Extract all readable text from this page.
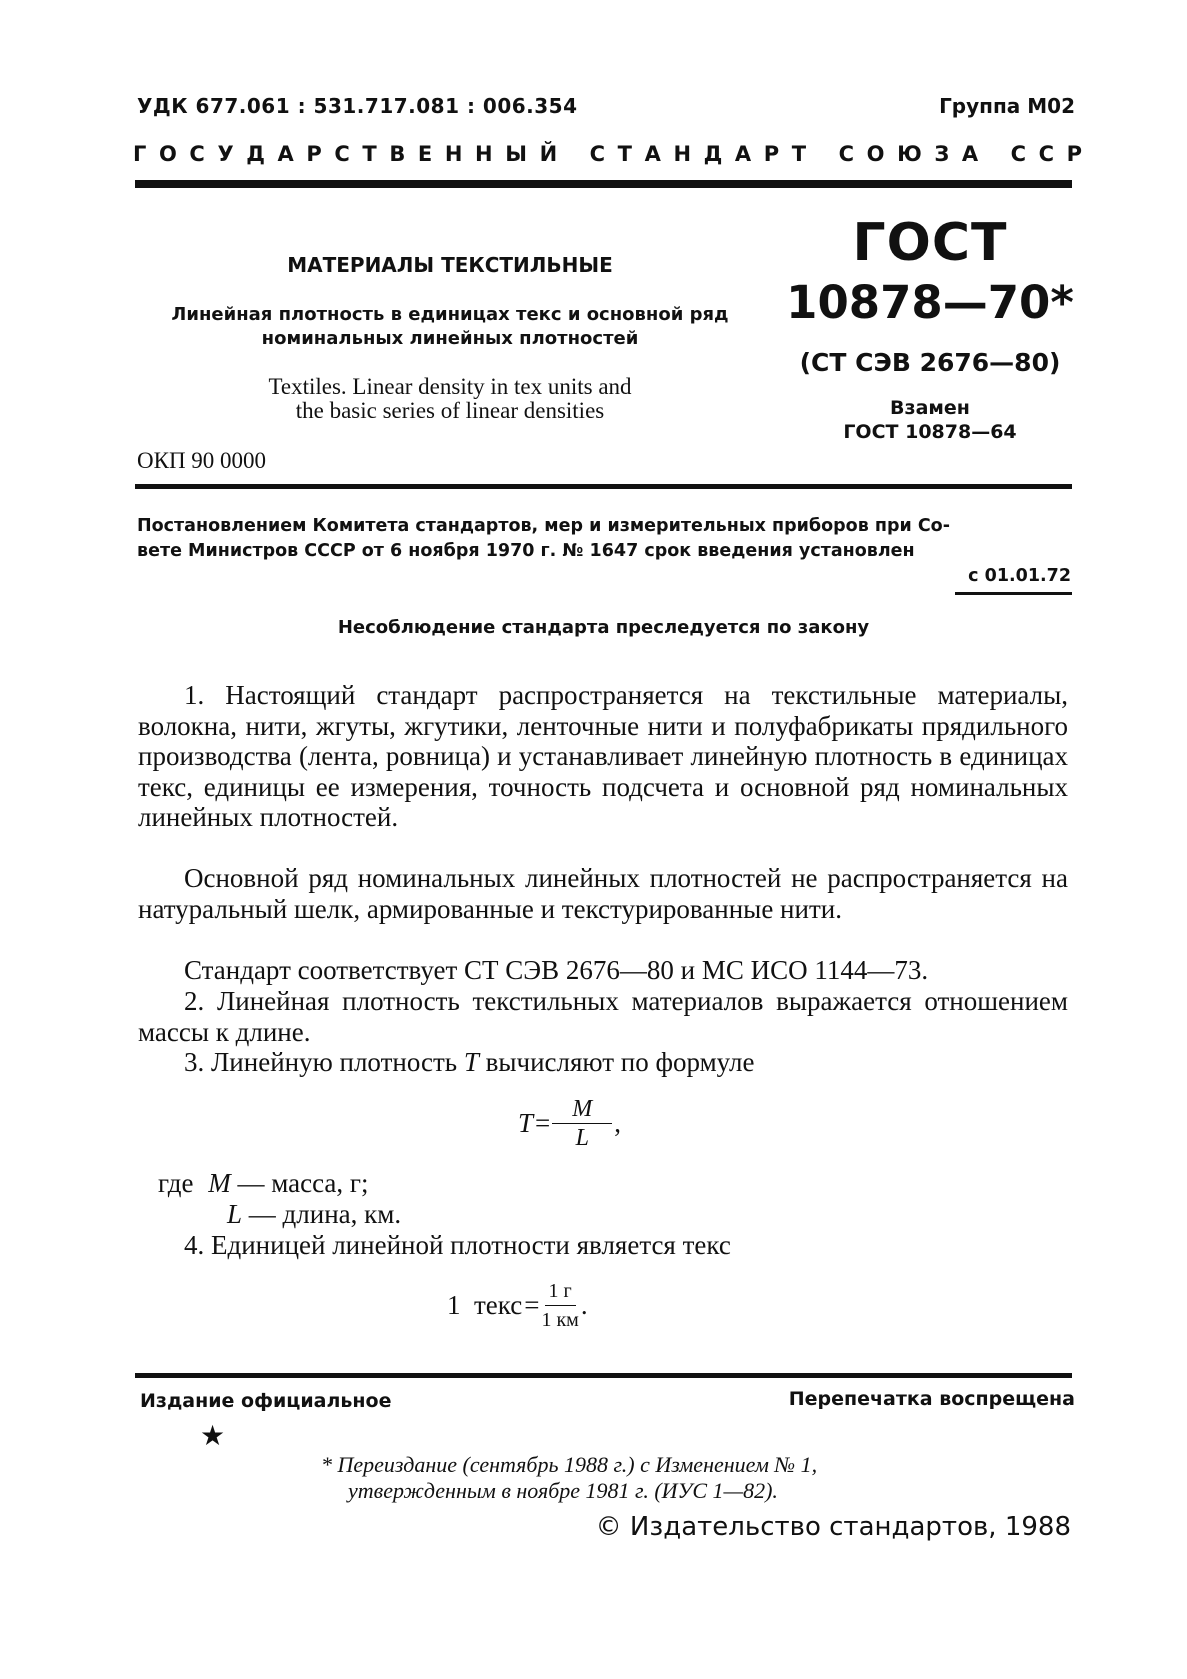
УДК 677.061 : 531.717.081 : 006.354	Группа М02
ГОСУДАРСТВЕННЫЙ СТАНДАРТ СОЮЗА ССР
МАТЕРИАЛЫ ТЕКСТИЛЬНЫЕ
Линейная плотность в единицах текс и основной ряд
номинальных линейных плотностей
Textiles. Linear density in tex units and
the basic series of linear densities
ОКП 90 0000
ГОСТ
10878—70*
(СТ СЭВ 2676—80)
Взамен
ГОСТ 10878—64
Постановлением Комитета стандартов, мер и измерительных приборов при Со-
вете Министров СССР от 6 ноября 1970 г. № 1647 срок введения установлен
с 01.01.72
Несоблюдение стандарта преследуется по закону

1. Настоящий стандарт распространяется на текстильные материалы, волокна, нити, жгуты, жгутики, ленточные нити и полуфабрикаты прядильного производства (лента, ровница) и устанавливает линейную плотность в единицах текс, единицы ее измерения, точность подсчета и основной ряд номинальных линейных плотностей.

Основной ряд номинальных линейных плотностей не распространяется на натуральный шелк, армированные и текстурированные нити.

Стандарт соответствует СТ СЭВ 2676—80 и МС ИСО 1144—73.

2. Линейная плотность текстильных материалов выражается отношением массы к длине.

3. Линейную плотность T вычисляют по формуле

$T = \frac{M}{L}$ ,
где M — масса, г;
L — длина, км.

4. Единицей линейной плотности является текс

1  текс = $\frac{1 г}{1 км}$ .
Издание официальное	Перепечатка воспрещена
★
* Переиздание (сентябрь 1988 г.) с Изменением № 1,
утвержденным в ноябре 1981 г. (ИУС 1—82).
© Издательство стандартов, 1988
